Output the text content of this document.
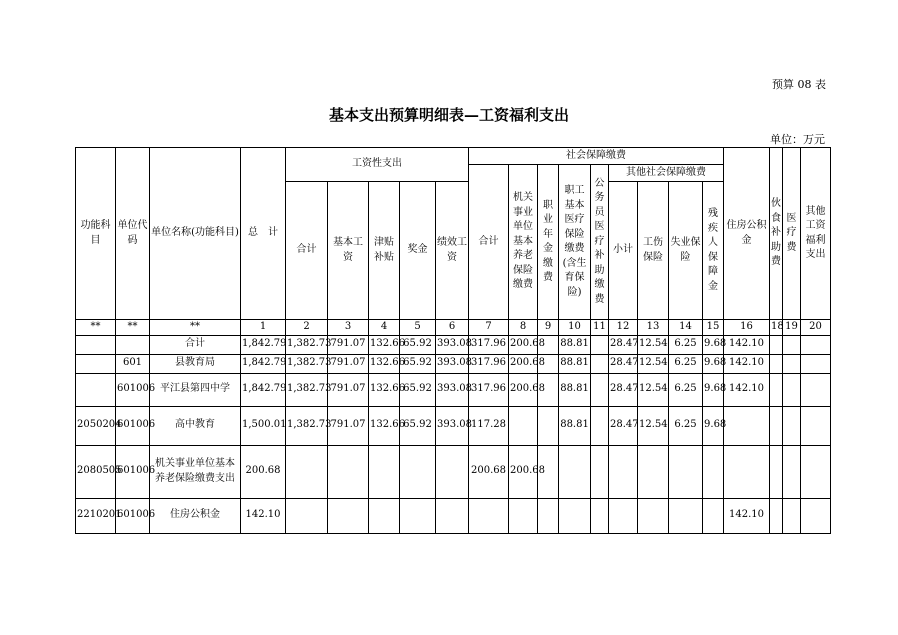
预算 08 表
基本支出预算明细表—工资福利支出
单位：万元
功能科目	单位代码	单位名称(功能科目)	总　计	工资性支出					社会保障缴费									住房公积金	伙食补助费	医疗费	其他工资福利支出
									合计	机关事业单位基本养老保险缴费	职业年金缴费	职工基本医疗保险缴费(含生育保险)	公务员医疗补助缴费	其他社会保障缴费							
				合计	基本工资	津贴补贴	奖金	绩效工资						小计	工伤保险	失业保险	残疾人保障金				
**	**	**	1	2	3	4	5	6	7	8	9	10	11	12	13	14	15	16	18	19	20
		合计	1,842.79	1,382.73	791.07	132.66	65.92	393.08	317.96	200.68		88.81		28.47	12.54	6.25	9.68	142.10			
	601	县教育局	1,842.79	1,382.73	791.07	132.66	65.92	393.08	317.96	200.68		88.81		28.47	12.54	6.25	9.68	142.10			
	601006	平江县第四中学	1,842.79	1,382.73	791.07	132.66	65.92	393.08	317.96	200.68		88.81		28.47	12.54	6.25	9.68	142.10			
2050204	601006	高中教育	1,500.01	1,382.73	791.07	132.66	65.92	393.08	117.28			88.81		28.47	12.54	6.25	9.68				
2080505	601006	机关事业单位基本养老保险缴费支出	200.68						200.68	200.68											
2210201	601006	住房公积金	142.10															142.10			
